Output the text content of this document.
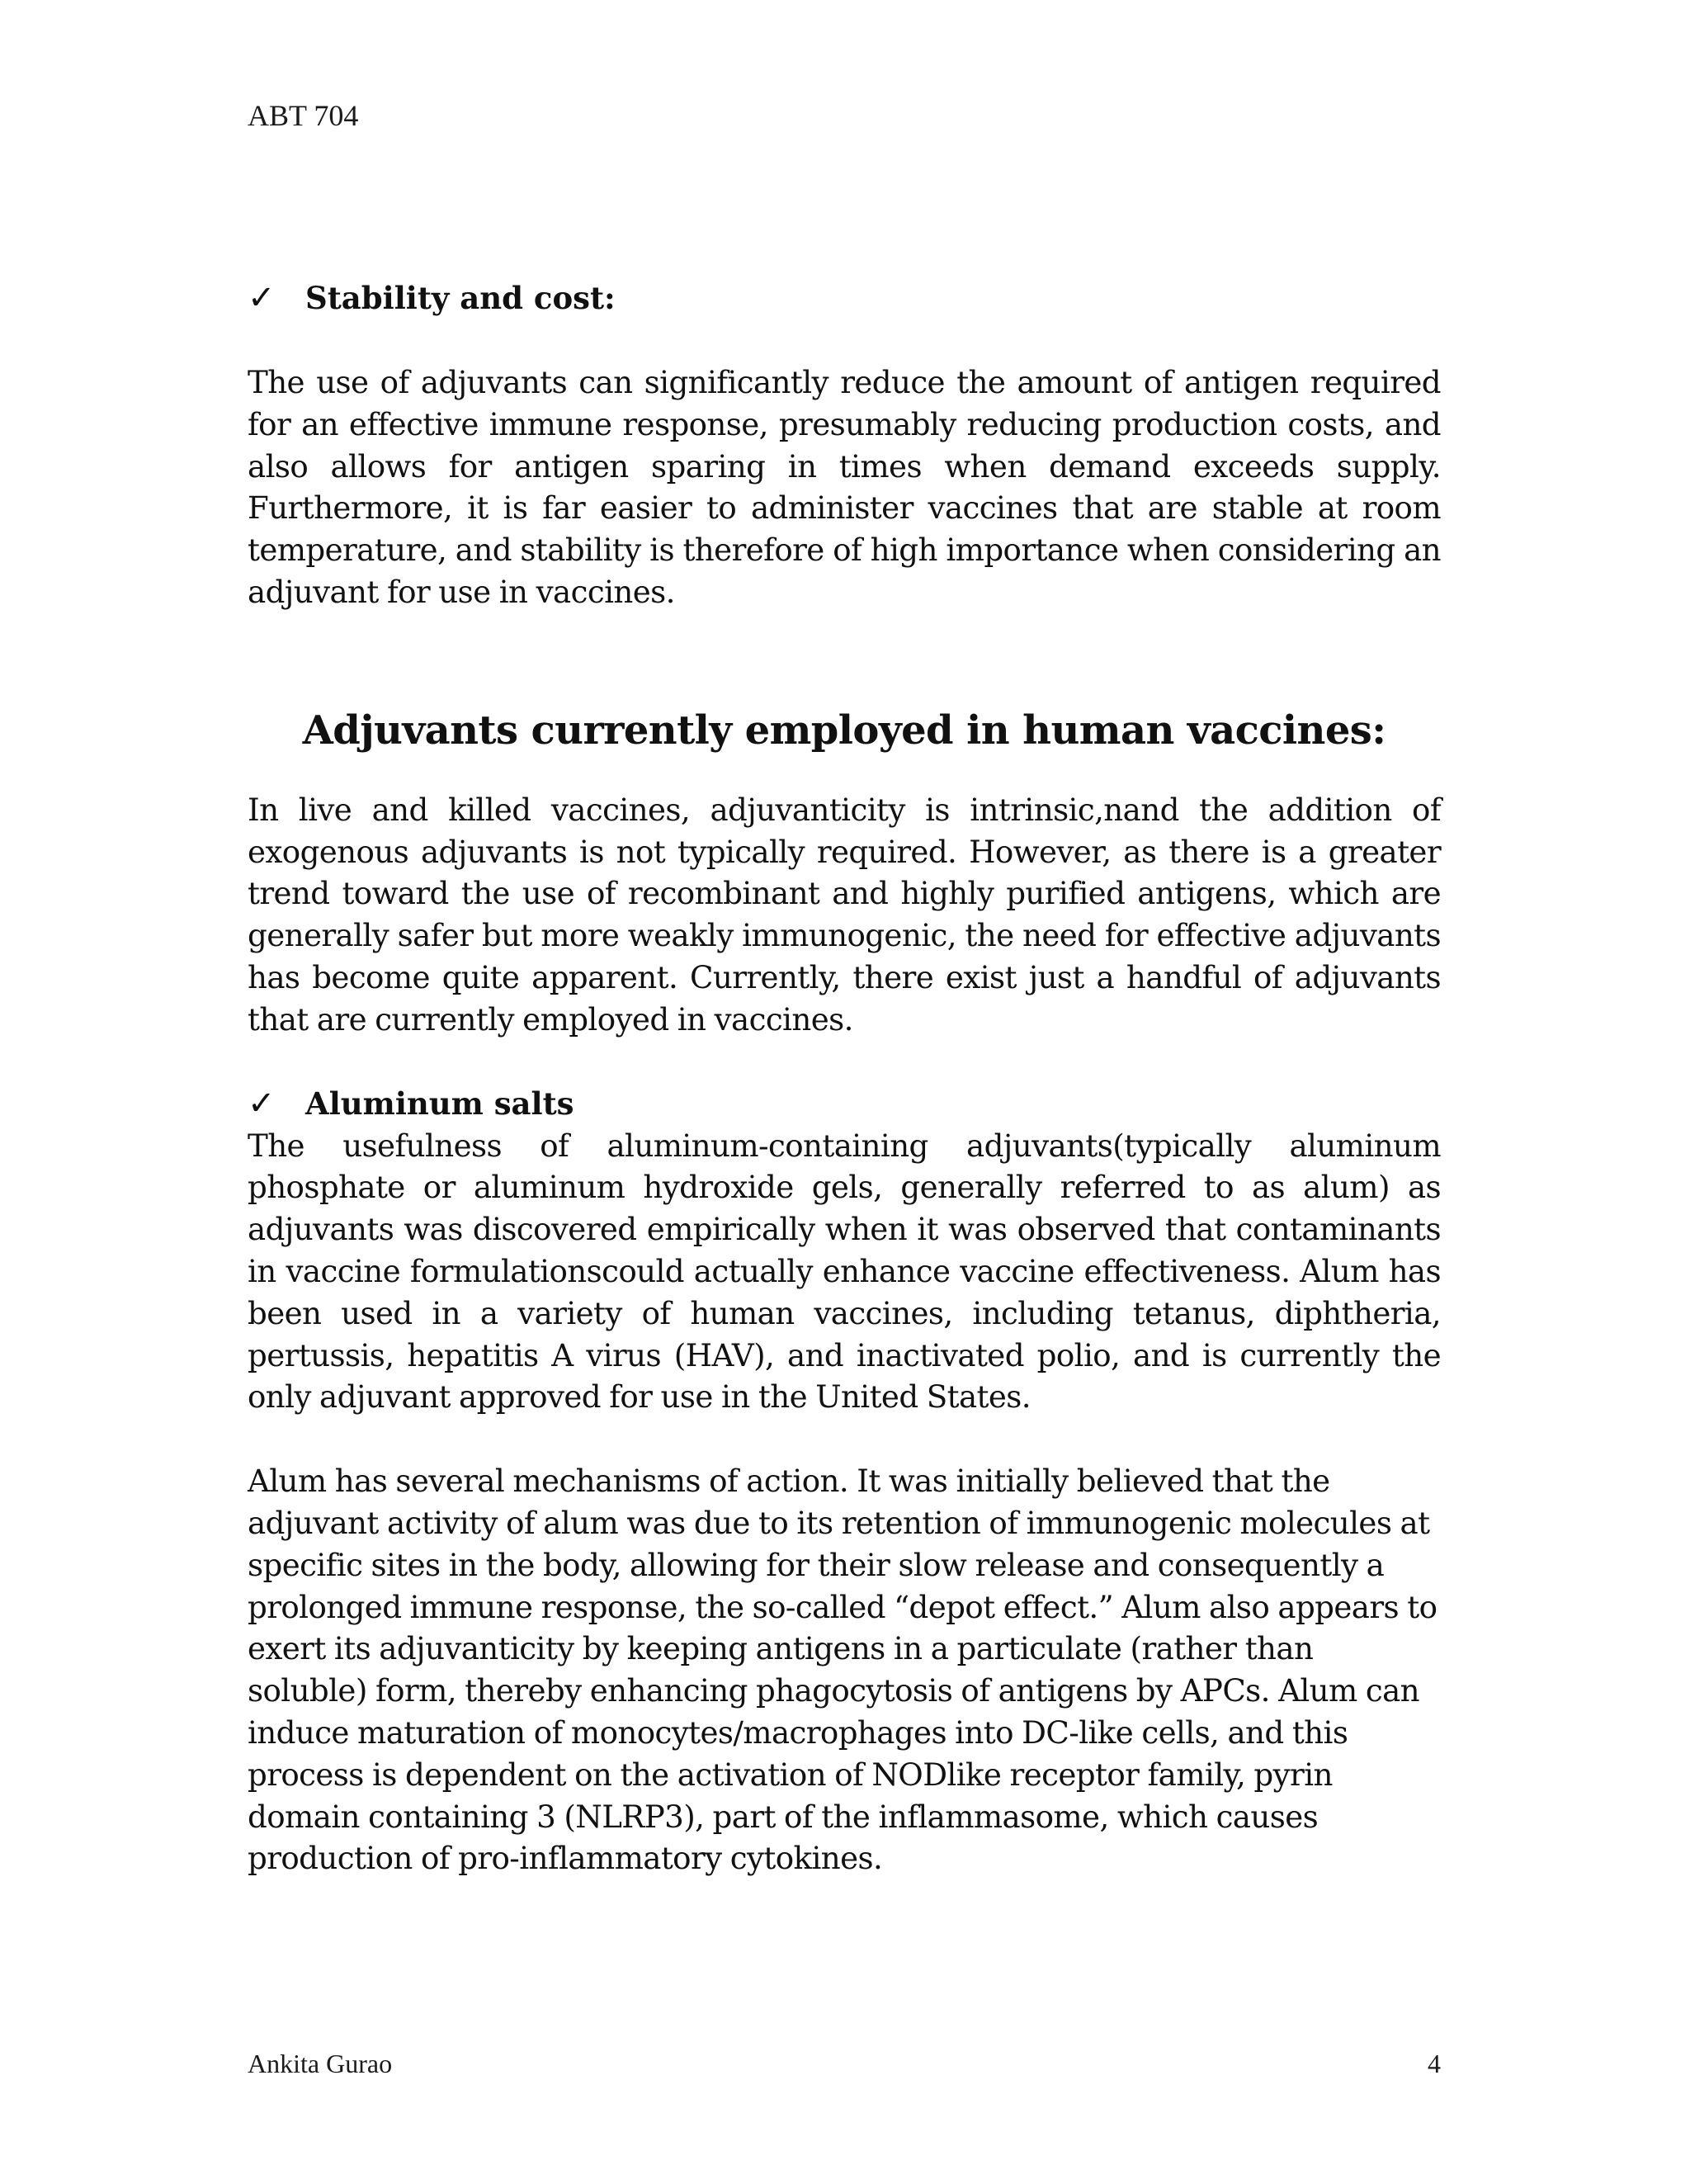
ABT 704
✓ Stability and cost:

The use of adjuvants can significantly reduce the amount of antigen required for an effective immune response, presumably reducing production costs, and also allows for antigen sparing in times when demand exceeds supply. Furthermore, it is far easier to administer vaccines that are stable at room temperature, and stability is therefore of high importance when considering an adjuvant for use in vaccines.

Adjuvants currently employed in human vaccines:

In live and killed vaccines, adjuvanticity is intrinsic,nand the addition of exogenous adjuvants is not typically required. However, as there is a greater trend toward the use of recombinant and highly purified antigens, which are generally safer but more weakly immunogenic, the need for effective adjuvants has become quite apparent. Currently, there exist just a handful of adjuvants that are currently employed in vaccines.

✓ Aluminum salts

The usefulness of aluminum-containing adjuvants(typically aluminum phosphate or aluminum hydroxide gels, generally referred to as alum) as adjuvants was discovered empirically when it was observed that contaminants in vaccine formulationscould actually enhance vaccine effectiveness. Alum has been used in a variety of human vaccines, including tetanus, diphtheria, pertussis, hepatitis A virus (HAV), and inactivated polio, and is currently the only adjuvant approved for use in the United States.

Alum has several mechanisms of action. It was initially believed that the adjuvant activity of alum was due to its retention of immunogenic molecules at specific sites in the body, allowing for their slow release and consequently a prolonged immune response, the so-called “depot effect.” Alum also appears to exert its adjuvanticity by keeping antigens in a particulate (rather than soluble) form, thereby enhancing phagocytosis of antigens by APCs. Alum can induce maturation of monocytes/macrophages into DC-like cells, and this process is dependent on the activation of NODlike receptor family, pyrin domain containing 3 (NLRP3), part of the inflammasome, which causes production of pro-inflammatory cytokines.

Ankita Gurao	4
